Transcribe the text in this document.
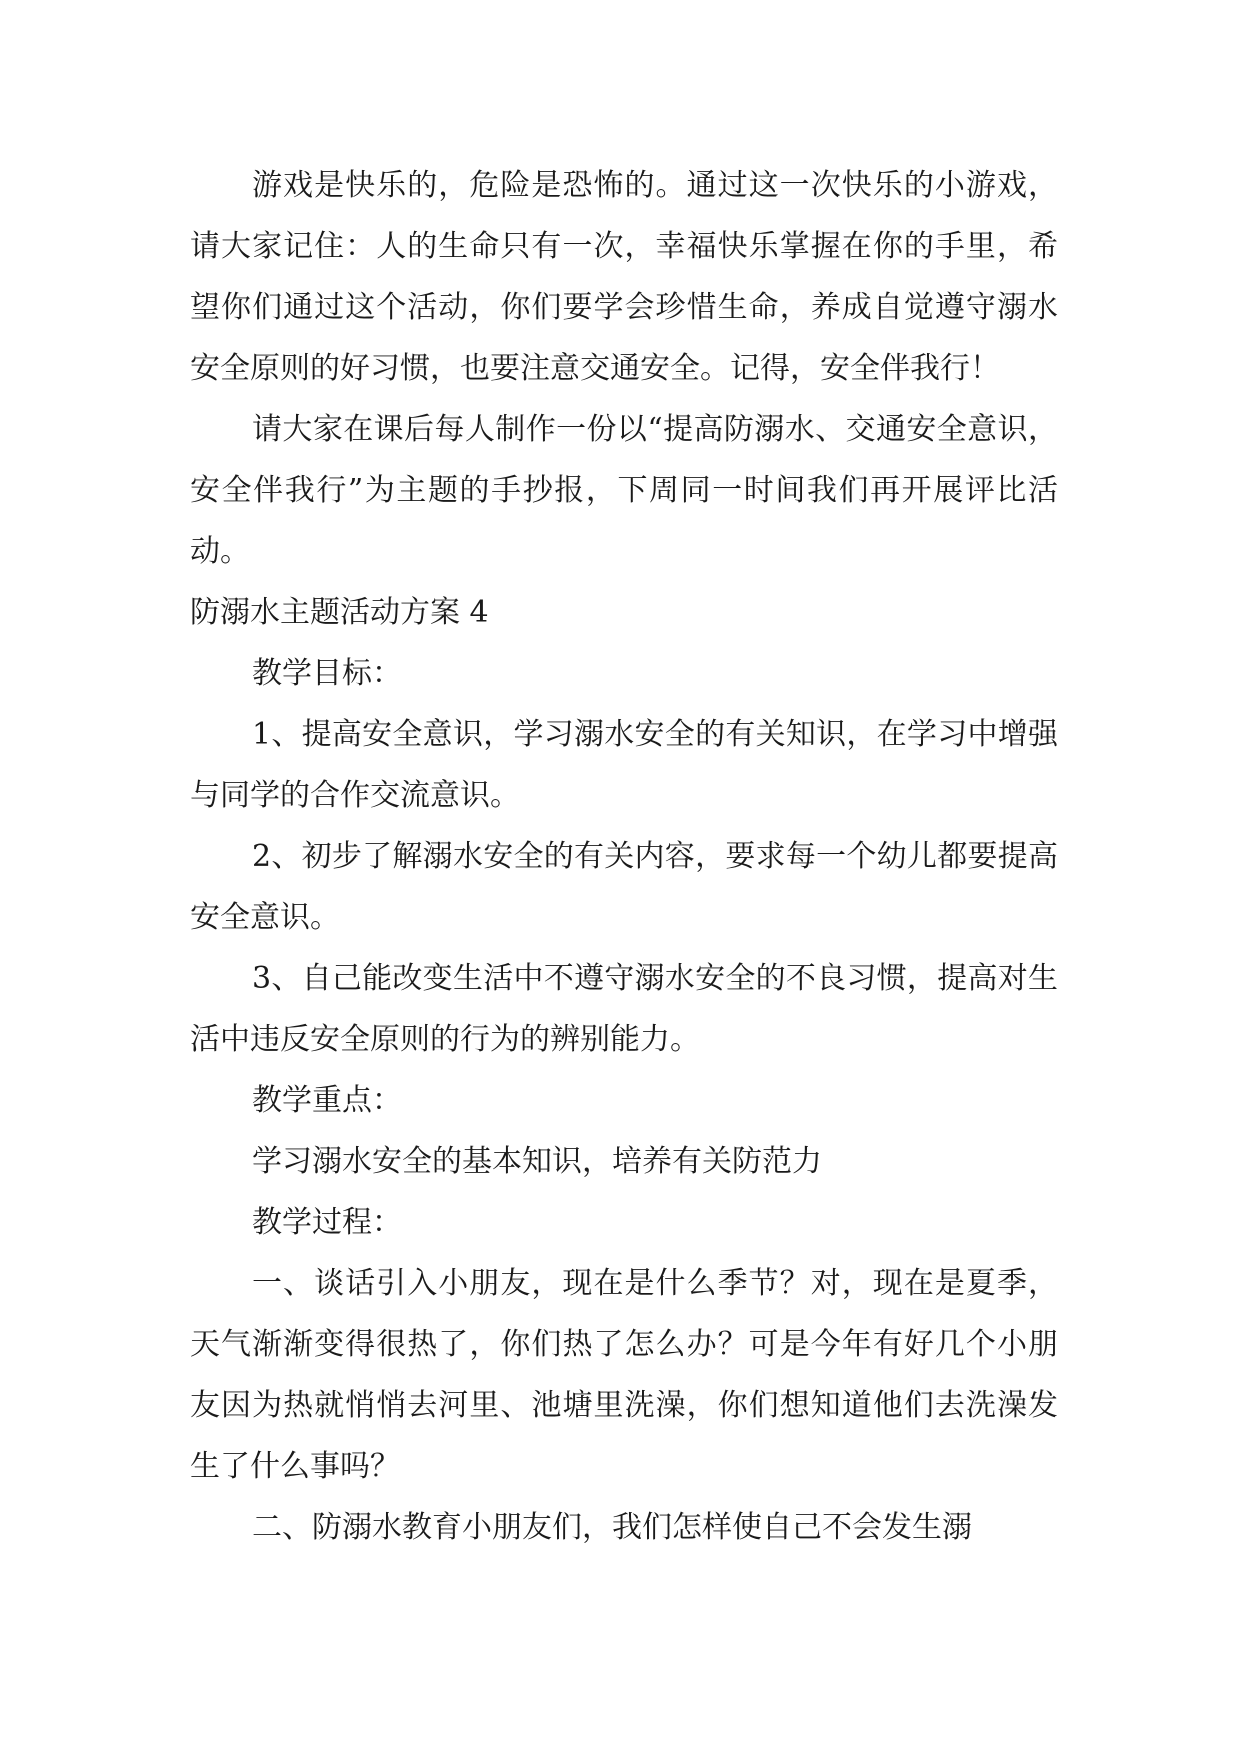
游戏是快乐的，危险是恐怖的。通过这一次快乐的小游戏，请大家记住：人的生命只有一次，幸福快乐掌握在你的手里，希望你们通过这个活动，你们要学会珍惜生命，养成自觉遵守溺水安全原则的好习惯，也要注意交通安全。记得，安全伴我行！

请大家在课后每人制作一份以“提高防溺水、交通安全意识，安全伴我行”为主题的手抄报，下周同一时间我们再开展评比活动。

防溺水主题活动方案 4

教学目标：

1、提高安全意识，学习溺水安全的有关知识，在学习中增强与同学的合作交流意识。

2、初步了解溺水安全的有关内容，要求每一个幼儿都要提高安全意识。

3、自己能改变生活中不遵守溺水安全的不良习惯，提高对生活中违反安全原则的行为的辨别能力。

教学重点：

学习溺水安全的基本知识，培养有关防范力

教学过程：

一、谈话引入小朋友，现在是什么季节？对，现在是夏季，天气渐渐变得很热了，你们热了怎么办？可是今年有好几个小朋友因为热就悄悄去河里、池塘里洗澡，你们想知道他们去洗澡发生了什么事吗？

二、防溺水教育小朋友们，我们怎样使自己不会发生溺
